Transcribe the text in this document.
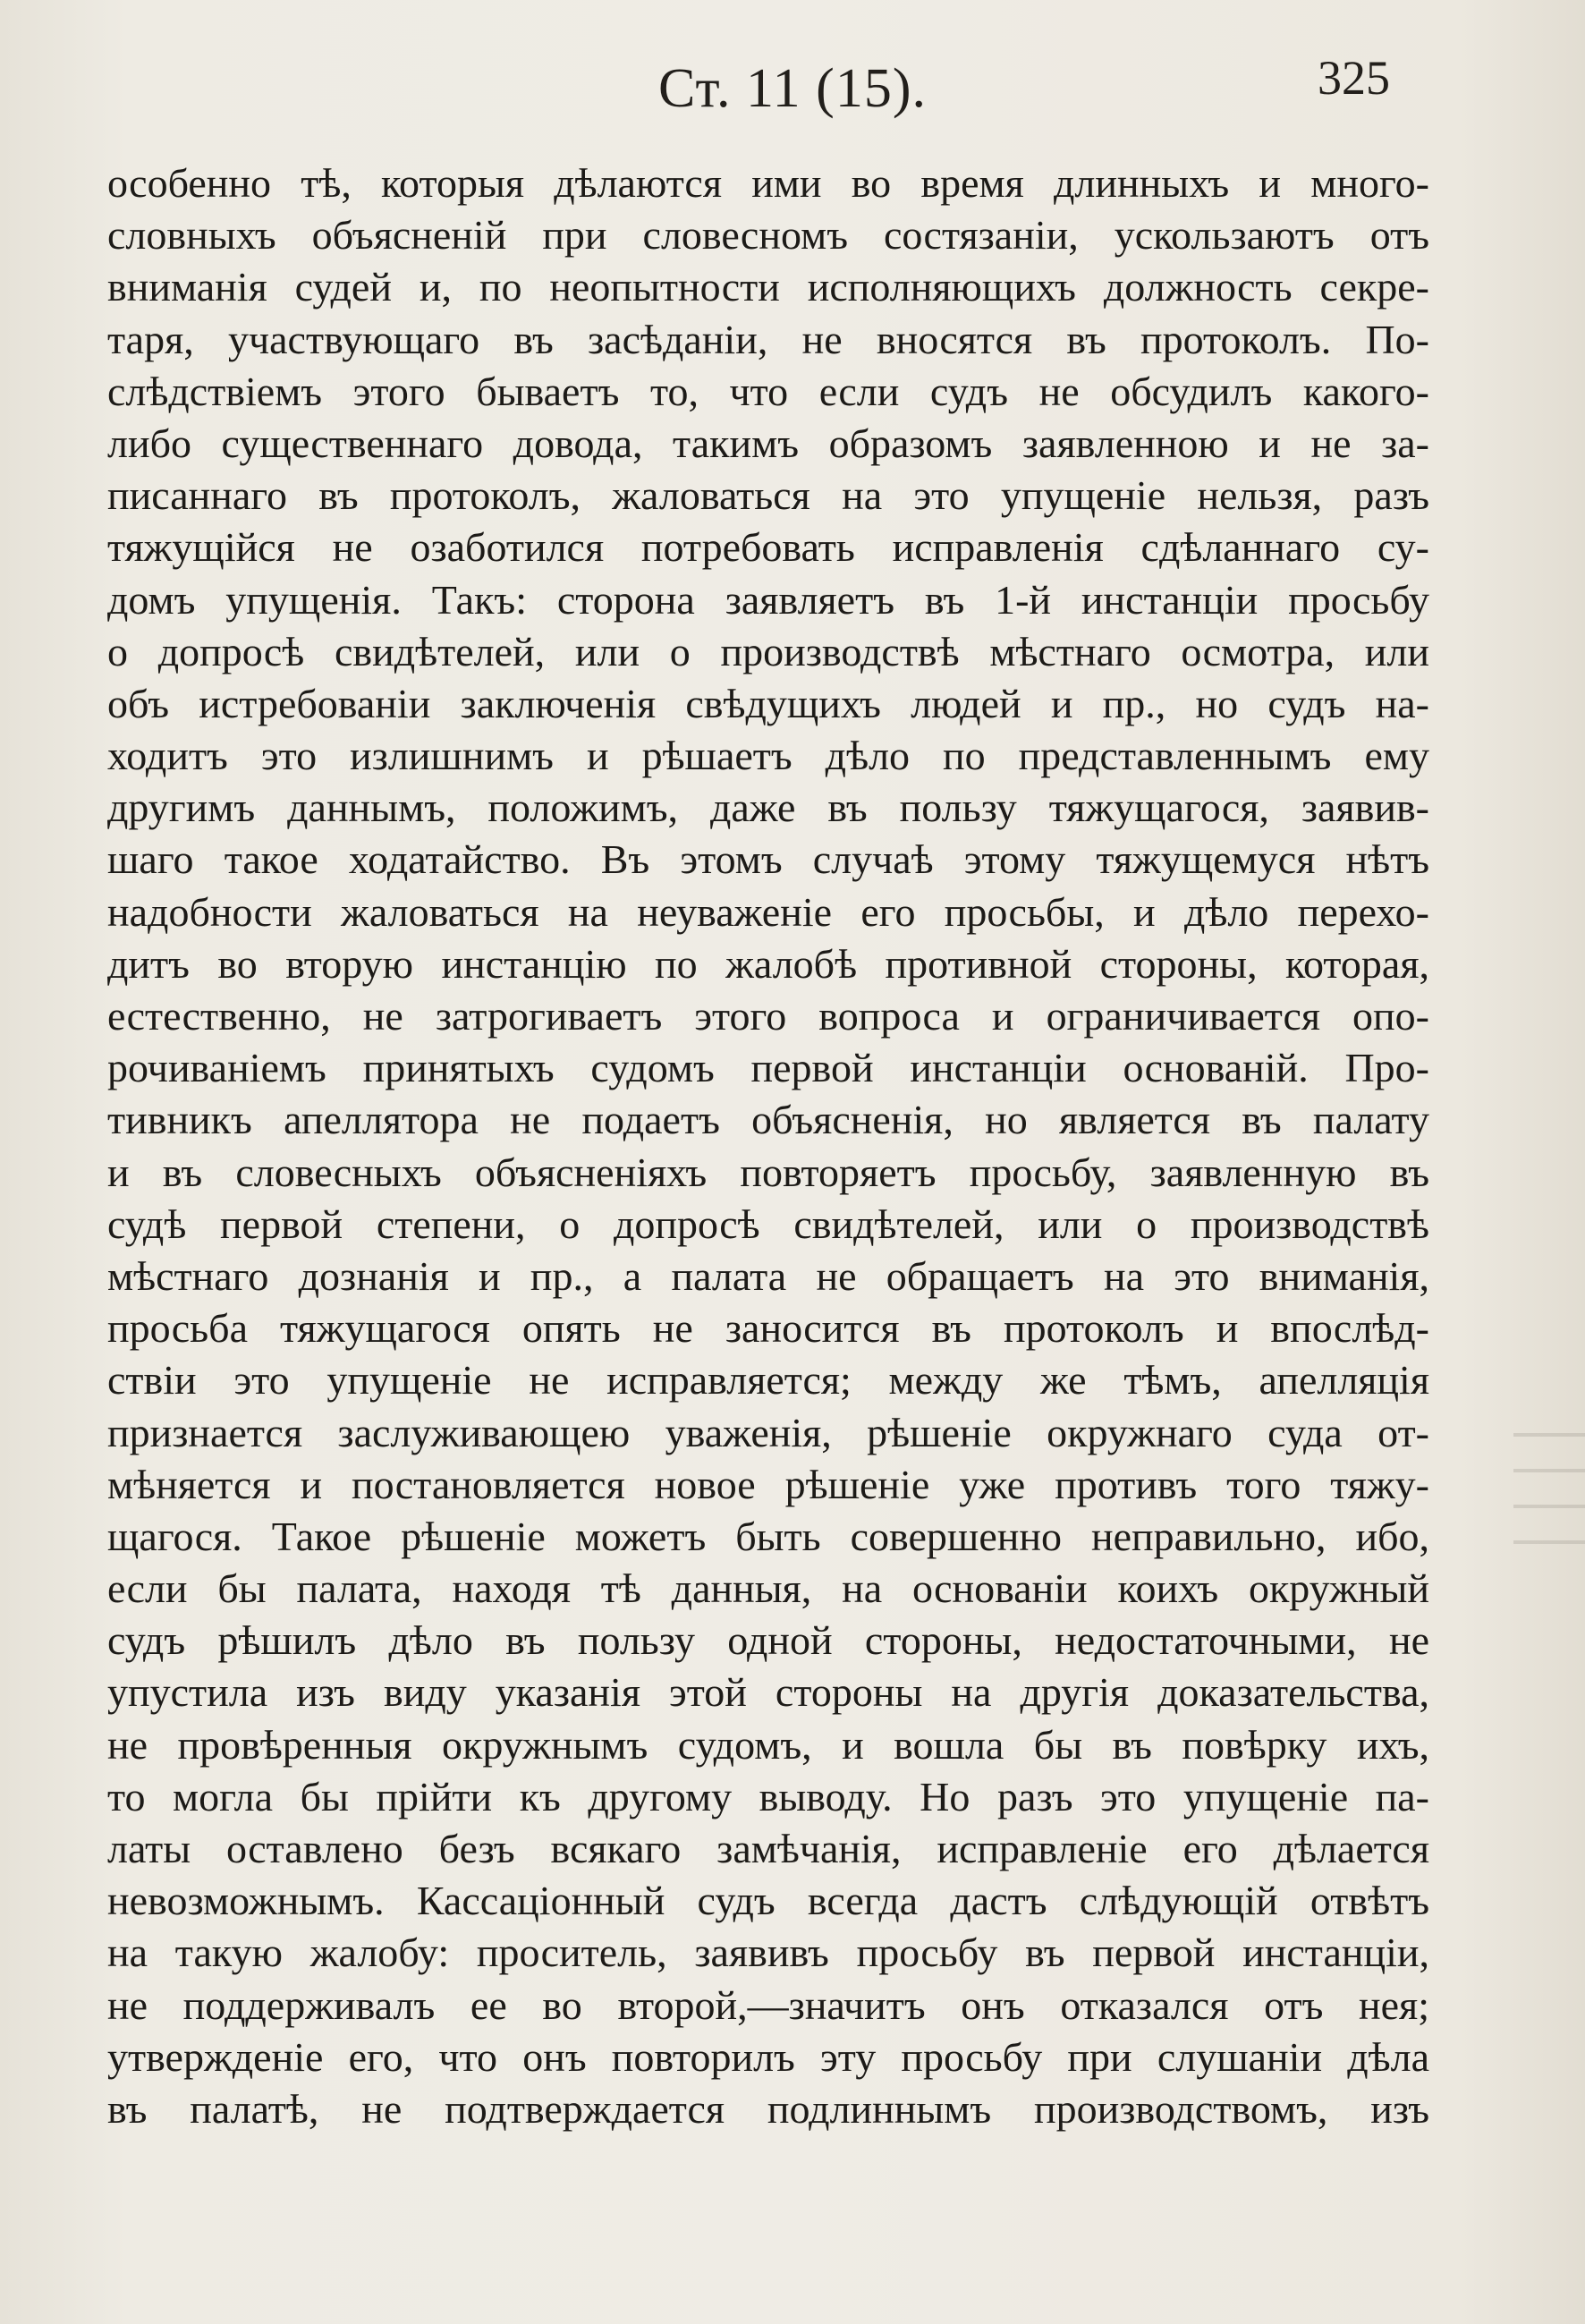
Ст. 11 (15).	325
особенно тѣ, которыя дѣлаются ими во время длинныхъ и много-
словныхъ объясненій при словесномъ состязаніи, ускользаютъ отъ
вниманія судей и, по неопытности исполняющихъ должность секре-
таря, участвующаго въ засѣданіи, не вносятся въ протоколъ. По-
слѣдствіемъ этого бываетъ то, что если судъ не обсудилъ какого-
либо существеннаго довода, такимъ образомъ заявленною и не за-
писаннаго въ протоколъ, жаловаться на это упущеніе нельзя, разъ
тяжущійся не озаботился потребовать исправленія сдѣланнаго су-
домъ упущенія. Такъ: сторона заявляетъ въ 1-й инстанціи просьбу
о допросѣ свидѣтелей, или о производствѣ мѣстнаго осмотра, или
объ истребованіи заключенія свѣдущихъ людей и пр., но судъ на-
ходитъ это излишнимъ и рѣшаетъ дѣло по представленнымъ ему
другимъ даннымъ, положимъ, даже въ пользу тяжущагося, заявив-
шаго такое ходатайство. Въ этомъ случаѣ этому тяжущемуся нѣтъ
надобности жаловаться на неуваженіе его просьбы, и дѣло перехо-
дитъ во вторую инстанцію по жалобѣ противной стороны, которая,
естественно, не затрогиваетъ этого вопроса и ограничивается опо-
рочиваніемъ принятыхъ судомъ первой инстанціи основаній. Про-
тивникъ апеллятора не подаетъ объясненія, но является въ палату
и въ словесныхъ объясненіяхъ повторяетъ просьбу, заявленную въ
судѣ первой степени, о допросѣ свидѣтелей, или о производствѣ
мѣстнаго дознанія и пр., а палата не обращаетъ на это вниманія,
просьба тяжущагося опять не заносится въ протоколъ и впослѣд-
ствіи это упущеніе не исправляется; между же тѣмъ, апелляція
признается заслуживающею уваженія, рѣшеніе окружнаго суда от-
мѣняется и постановляется новое рѣшеніе уже противъ того тяжу-
щагося. Такое рѣшеніе можетъ быть совершенно неправильно, ибо,
если бы палата, находя тѣ данныя, на основаніи коихъ окружный
судъ рѣшилъ дѣло въ пользу одной стороны, недостаточными, не
упустила изъ виду указанія этой стороны на другія доказательства,
не провѣренныя окружнымъ судомъ, и вошла бы въ повѣрку ихъ,
то могла бы прійти къ другому выводу. Но разъ это упущеніе па-
латы оставлено безъ всякаго замѣчанія, исправленіе его дѣлается
невозможнымъ. Кассаціонный судъ всегда дастъ слѣдующій отвѣтъ
на такую жалобу: проситель, заявивъ просьбу въ первой инстанціи,
не поддерживалъ ее во второй,—значитъ онъ отказался отъ нея;
утвержденіе его, что онъ повторилъ эту просьбу при слушаніи дѣла
въ палатѣ, не подтверждается подлиннымъ производствомъ, изъ
